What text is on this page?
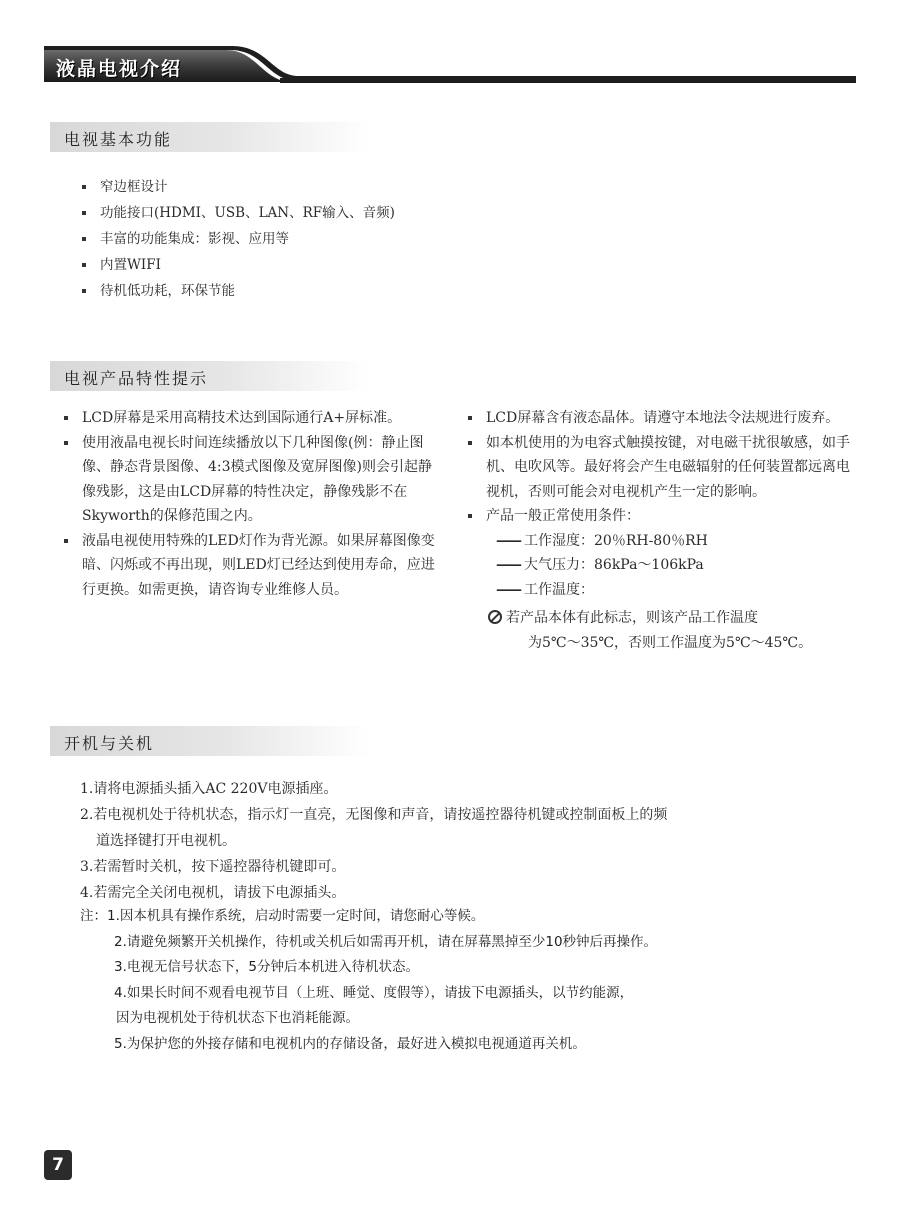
液晶电视介绍
电视基本功能
窄边框设计
功能接口(HDMI、USB、LAN、RF输入、音频)
丰富的功能集成：影视、应用等
内置WIFI
待机低功耗，环保节能
电视产品特性提示
LCD屏幕是采用高精技术达到国际通行A+屏标准。
使用液晶电视长时间连续播放以下几种图像(例：静止图像、静态背景图像、4:3模式图像及宽屏图像)则会引起静像残影，这是由LCD屏幕的特性决定，静像残影不在Skyworth的保修范围之内。
液晶电视使用特殊的LED灯作为背光源。如果屏幕图像变暗、闪烁或不再出现，则LED灯已经达到使用寿命，应进行更换。如需更换，请咨询专业维修人员。
LCD屏幕含有液态晶体。请遵守本地法令法规进行废弃。
如本机使用的为电容式触摸按键，对电磁干扰很敏感，如手机、电吹风等。最好将会产生电磁辐射的任何装置都远离电视机，否则可能会对电视机产生一定的影响。
产品一般正常使用条件：
—— 工作湿度：20％RH-80％RH
—— 大气压力：86kPa～106kPa
—— 工作温度：
若产品本体有此标志，则该产品工作温度
为5℃～35℃，否则工作温度为5℃～45℃。
开机与关机
1.请将电源插头插入AC 220V电源插座。
2.若电视机处于待机状态，指示灯一直亮，无图像和声音，请按遥控器待机键或控制面板上的频
道选择键打开电视机。
3.若需暂时关机，按下遥控器待机键即可。
4.若需完全关闭电视机，请拔下电源插头。
注：1.因本机具有操作系统，启动时需要一定时间，请您耐心等候。
2.请避免频繁开关机操作，待机或关机后如需再开机，请在屏幕黑掉至少10秒钟后再操作。
3.电视无信号状态下，5分钟后本机进入待机状态。
4.如果长时间不观看电视节目（上班、睡觉、度假等），请拔下电源插头，以节约能源，
因为电视机处于待机状态下也消耗能源。
5.为保护您的外接存储和电视机内的存储设备，最好进入模拟电视通道再关机。
7
